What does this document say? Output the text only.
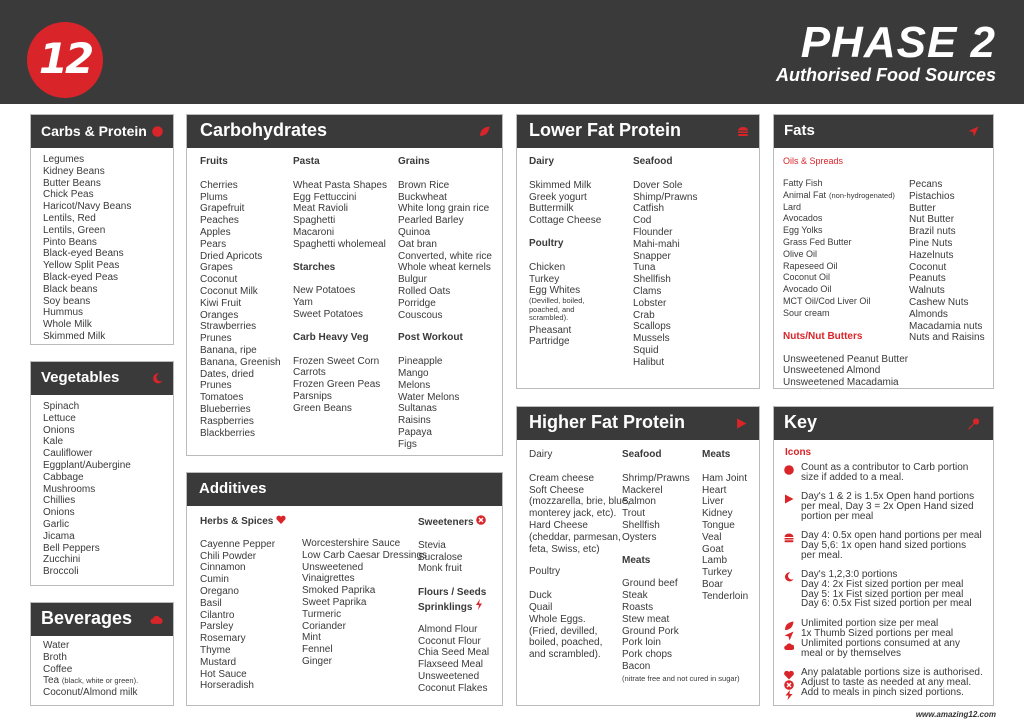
12	PHASE 2
Authorised Food Sources
Carbs & Protein
Legumes
Kidney Beans
Butter Beans
Chick Peas
Haricot/Navy Beans
Lentils, Red
Lentils, Green
Pinto Beans
Black-eyed Beans
Yellow Split Peas
Black-eyed Peas
Black beans
Soy beans
Hummus
Whole Milk
Skimmed Milk
Vegetables
Spinach
Lettuce
Onions
Kale
Cauliflower
Eggplant/Aubergine
Cabbage
Mushrooms
Chillies
Onions
Garlic
Jicama
Bell Peppers
Zucchini
Broccoli
Beverages
Water
Broth
Coffee
Tea (black, white or green).
Coconut/Almond milk
Carbohydrates
Fruits
Cherries
Plums
Grapefruit
Peaches
Apples
Pears
Dried Apricots
Grapes
Coconut
Coconut Milk
Kiwi Fruit
Oranges
Strawberries
Prunes
Banana, ripe
Banana, Greenish
Dates, dried
Prunes
Tomatoes
Blueberries
Raspberries
Blackberries
Pasta
Wheat Pasta Shapes
Egg Fettuccini
Meat Ravioli
Spaghetti
Macaroni
Spaghetti wholemeal
Starches
New Potatoes
Yam
Sweet Potatoes
Carb Heavy Veg
Frozen Sweet Corn
Carrots
Frozen Green Peas
Parsnips
Green Beans
Grains
Brown Rice
Buckwheat
White long grain rice
Pearled Barley
Quinoa
Oat bran
Converted, white rice
Whole wheat kernels
Bulgur
Rolled Oats
Porridge
Couscous
Post Workout
Pineapple
Mango
Melons
Water Melons
Sultanas
Raisins
Papaya
Figs
Additives
Herbs & Spices
Cayenne Pepper
Chili Powder
Cinnamon
Cumin
Oregano
Basil
Cilantro
Parsley
Rosemary
Thyme
Mustard
Hot Sauce
Horseradish
Worcestershire Sauce
Low Carb Caesar Dressings
Unsweetened
Vinaigrettes
Smoked Paprika
Sweet Paprika
Turmeric
Coriander
Mint
Fennel
Ginger
Sweeteners
Stevia
Sucralose
Monk fruit
Flours / Seeds
Sprinklings
Almond Flour
Coconut Flour
Chia Seed Meal
Flaxseed Meal
Unsweetened
Coconut Flakes
Lower Fat Protein
Dairy
Skimmed Milk
Greek yogurt
Buttermilk
Cottage Cheese
Poultry
Chicken
Turkey
Egg Whites
(Devilled, boiled,
poached, and
scrambled).
Pheasant
Partridge
Seafood
Dover Sole
Shimp/Prawns
Catfish
Cod
Flounder
Mahi-mahi
Snapper
Tuna
Shellfish
Clams
Lobster
Crab
Scallops
Mussels
Squid
Halibut
Higher Fat Protein
Dairy
Cream cheese
Soft Cheese
(mozzarella, brie, blue,
monterey jack, etc).
Hard Cheese
(cheddar, parmesan,
feta, Swiss, etc)
Poultry
Duck
Quail
Whole Eggs.
(Fried, devilled,
boiled, poached,
and scrambled).
Seafood
Shrimp/Prawns
Mackerel
Salmon
Trout
Shellfish
Oysters
Meats
Ground beef
Steak
Roasts
Stew meat
Ground Pork
Pork loin
Pork chops
Bacon
(nitrate free and not cured in sugar)
Meats
Ham Joint
Heart
Liver
Kidney
Tongue
Veal
Goat
Lamb
Turkey
Boar
Tenderloin
Fats
Oils & Spreads
Fatty Fish
Animal Fat (non-hydrogenated)
Lard
Avocados
Egg Yolks
Grass Fed Butter
Olive Oil
Rapeseed Oil
Coconut Oil
Avocado Oil
MCT Oil/Cod Liver Oil
Sour cream
Nuts/Nut Butters
Unsweetened Peanut Butter
Unsweetened Almond
Unsweetened Macadamia
Pecans
Pistachios
Butter
Nut Butter
Brazil nuts
Pine Nuts
Hazelnuts
Coconut
Peanuts
Walnuts
Cashew Nuts
Almonds
Macadamia nuts
Nuts and Raisins
Key
Icons
Count as a contributor to Carb portion
size if added to a meal.
Day's 1 & 2 is 1.5x Open hand portions
per meal, Day 3 = 2x Open Hand sized
portion per meal
Day 4: 0.5x open hand portions per meal
Day 5,6: 1x open hand sized portions
per meal.
Day's 1,2,3:0 portions
Day 4: 2x Fist sized portion per meal
Day 5: 1x Fist sized portion per meal
Day 6: 0.5x Fist sized portion per meal
Unlimited portion size per meal
1x Thumb Sized portions per meal
Unlimited portions consumed at any
meal or by themselves
Any palatable portions size is authorised.
Adjust to taste as needed at any meal.
Add to meals in pinch sized portions.
www.amazing12.com
